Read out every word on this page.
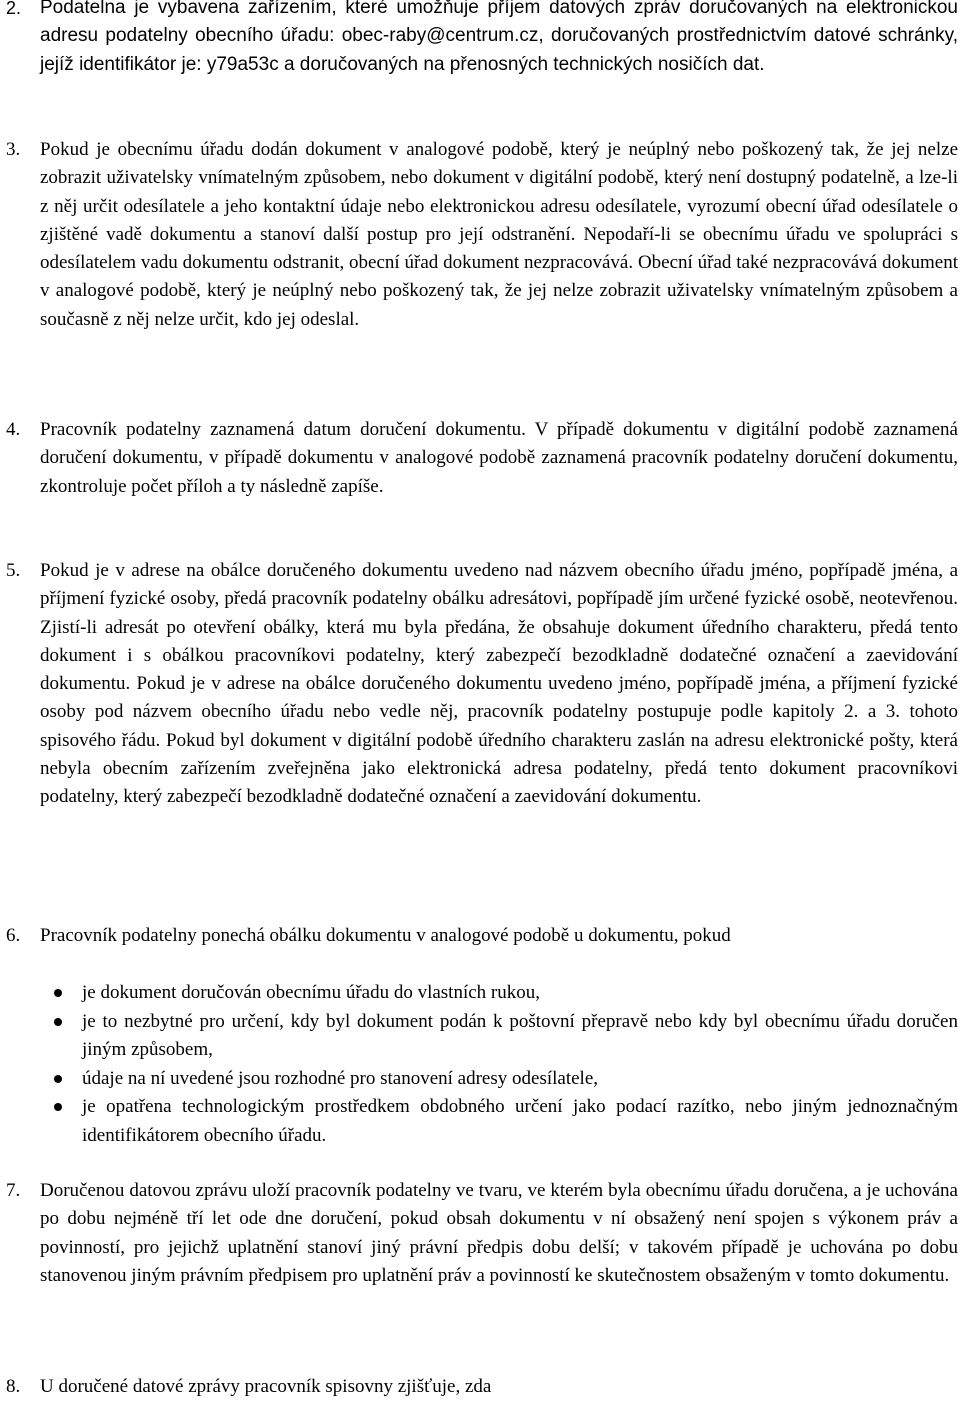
2. Podatelna je vybavena zařízením, které umožňuje příjem datových zpráv doručovaných na elektronickou adresu podatelny obecního úřadu: obec-raby@centrum.cz, doručovaných prostřednictvím datové schránky, jejíž identifikátor je: y79a53c a doručovaných na přenosných technických nosičích dat.
3. Pokud je obecnímu úřadu dodán dokument v analogové podobě, který je neúplný nebo poškozený tak, že jej nelze zobrazit uživatelsky vnímatelným způsobem, nebo dokument v digitální podobě, který není dostupný podatelně, a lze-li z něj určit odesílatele a jeho kontaktní údaje nebo elektronickou adresu odesílatele, vyrozumí obecní úřad odesílatele o zjištěné vadě dokumentu a stanoví další postup pro její odstranění. Nepodaří-li se obecnímu úřadu ve spolupráci s odesílatelem vadu dokumentu odstranit, obecní úřad dokument nezpracovává. Obecní úřad také nezpracovává dokument v analogové podobě, který je neúplný nebo poškozený tak, že jej nelze zobrazit uživatelsky vnímatelným způsobem a současně z něj nelze určit, kdo jej odeslal.
4. Pracovník podatelny zaznamená datum doručení dokumentu. V případě dokumentu v digitální podobě zaznamená doručení dokumentu, v případě dokumentu v analogové podobě zaznamená pracovník podatelny doručení dokumentu, zkontroluje počet příloh a ty následně zapíše.
5. Pokud je v adrese na obálce doručeného dokumentu uvedeno nad názvem obecního úřadu jméno, popřípadě jména, a příjmení fyzické osoby, předá pracovník podatelny obálku adresátovi, popřípadě jím určené fyzické osobě, neotevřenou. Zjistí-li adresát po otevření obálky, která mu byla předána, že obsahuje dokument úředního charakteru, předá tento dokument i s obálkou pracovníkovi podatelny, který zabezpečí bezodkladně dodatečné označení a zaevidování dokumentu. Pokud je v adrese na obálce doručeného dokumentu uvedeno jméno, popřípadě jména, a příjmení fyzické osoby pod názvem obecního úřadu nebo vedle něj, pracovník podatelny postupuje podle kapitoly 2. a 3. tohoto spisového řádu. Pokud byl dokument v digitální podobě úředního charakteru zaslán na adresu elektronické pošty, která nebyla obecním zařízením zveřejněna jako elektronická adresa podatelny, předá tento dokument pracovníkovi podatelny, který zabezpečí bezodkladně dodatečné označení a zaevidování dokumentu.
6. Pracovník podatelny ponechá obálku dokumentu v analogové podobě u dokumentu, pokud
je dokument doručován obecnímu úřadu do vlastních rukou,
je to nezbytné pro určení, kdy byl dokument podán k poštovní přepravě nebo kdy byl obecnímu úřadu doručen jiným způsobem,
údaje na ní uvedené jsou rozhodné pro stanovení adresy odesílatele,
je opatřena technologickým prostředkem obdobného určení jako podací razítko, nebo jiným jednoznačným identifikátorem obecního úřadu.
7. Doručenou datovou zprávu uloží pracovník podatelny ve tvaru, ve kterém byla obecnímu úřadu doručena, a je uchována po dobu nejméně tří let ode dne doručení, pokud obsah dokumentu v ní obsažený není spojen s výkonem práv a povinností, pro jejichž uplatnění stanoví jiný právní předpis dobu delší; v takovém případě je uchována po dobu stanovenou jiným právním předpisem pro uplatnění práv a povinností ke skutečnostem obsaženým v tomto dokumentu.
8. U doručené datové zprávy pracovník spisovny zjišťuje, zda
